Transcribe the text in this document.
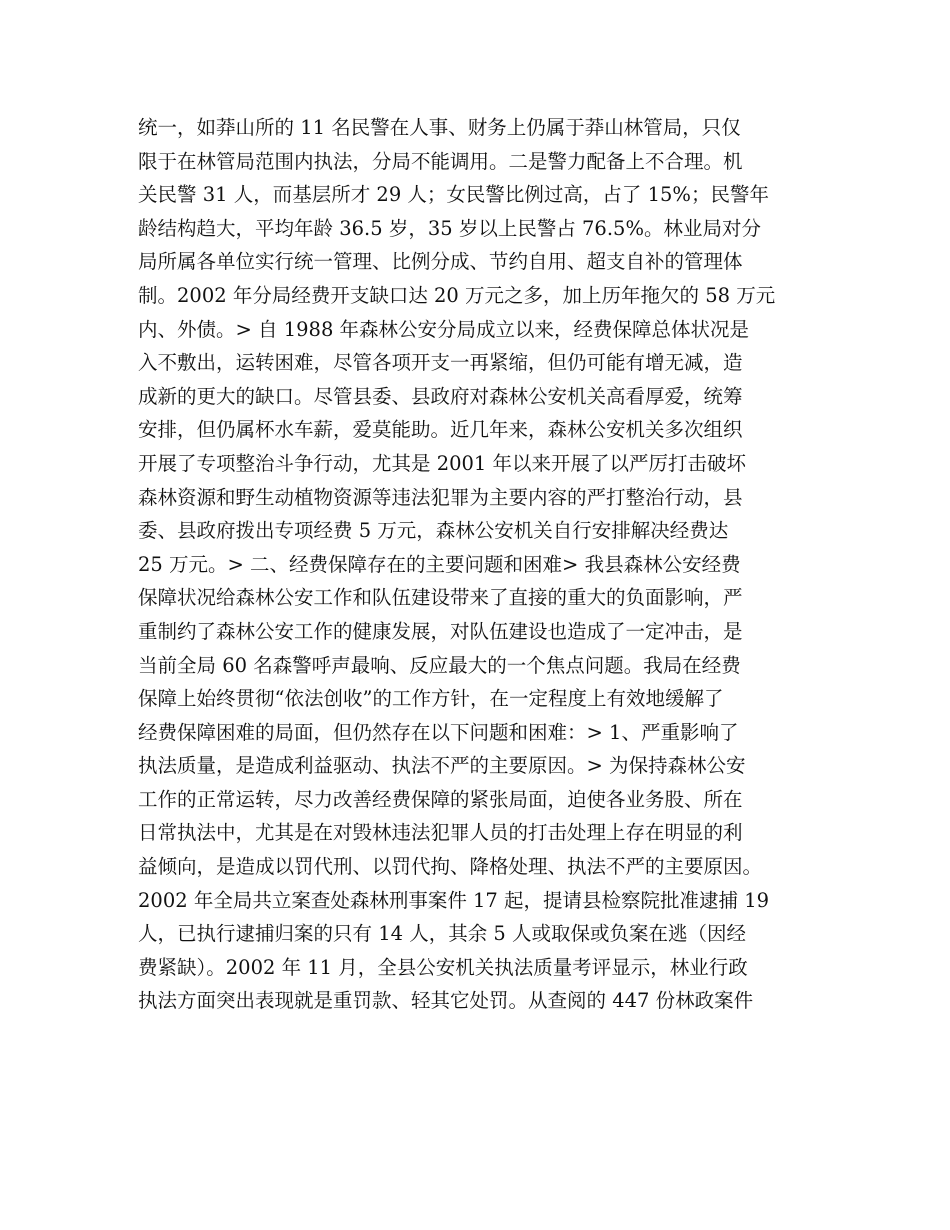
统一，如莽山所的 11 名民警在人事、财务上仍属于莽山林管局，只仅
限于在林管局范围内执法，分局不能调用。二是警力配备上不合理。机
关民警 31 人，而基层所才 29 人；女民警比例过高，占了 15%；民警年
龄结构趋大，平均年龄 36.5 岁，35 岁以上民警占 76.5%。林业局对分
局所属各单位实行统一管理、比例分成、节约自用、超支自补的管理体
制。2002 年分局经费开支缺口达 20 万元之多，加上历年拖欠的 58 万元
内、外债。> 自 1988 年森林公安分局成立以来，经费保障总体状况是
入不敷出，运转困难，尽管各项开支一再紧缩，但仍可能有增无减，造
成新的更大的缺口。尽管县委、县政府对森林公安机关高看厚爱，统筹
安排，但仍属杯水车薪，爱莫能助。近几年来，森林公安机关多次组织
开展了专项整治斗争行动，尤其是 2001 年以来开展了以严厉打击破坏
森林资源和野生动植物资源等违法犯罪为主要内容的严打整治行动，县
委、县政府拨出专项经费 5 万元，森林公安机关自行安排解决经费达
25 万元。> 二、经费保障存在的主要问题和困难> 我县森林公安经费
保障状况给森林公安工作和队伍建设带来了直接的重大的负面影响，严
重制约了森林公安工作的健康发展，对队伍建设也造成了一定冲击，是
当前全局 60 名森警呼声最响、反应最大的一个焦点问题。我局在经费
保障上始终贯彻“依法创收”的工作方针，在一定程度上有效地缓解了
经费保障困难的局面，但仍然存在以下问题和困难：> 1、严重影响了
执法质量，是造成利益驱动、执法不严的主要原因。> 为保持森林公安
工作的正常运转，尽力改善经费保障的紧张局面，迫使各业务股、所在
日常执法中，尤其是在对毁林违法犯罪人员的打击处理上存在明显的利
益倾向，是造成以罚代刑、以罚代拘、降格处理、执法不严的主要原因。
2002 年全局共立案查处森林刑事案件 17 起，提请县检察院批准逮捕 19
人，已执行逮捕归案的只有 14 人，其余 5 人或取保或负案在逃（因经
费紧缺）。2002 年 11 月，全县公安机关执法质量考评显示，林业行政
执法方面突出表现就是重罚款、轻其它处罚。从查阅的 447 份林政案件
